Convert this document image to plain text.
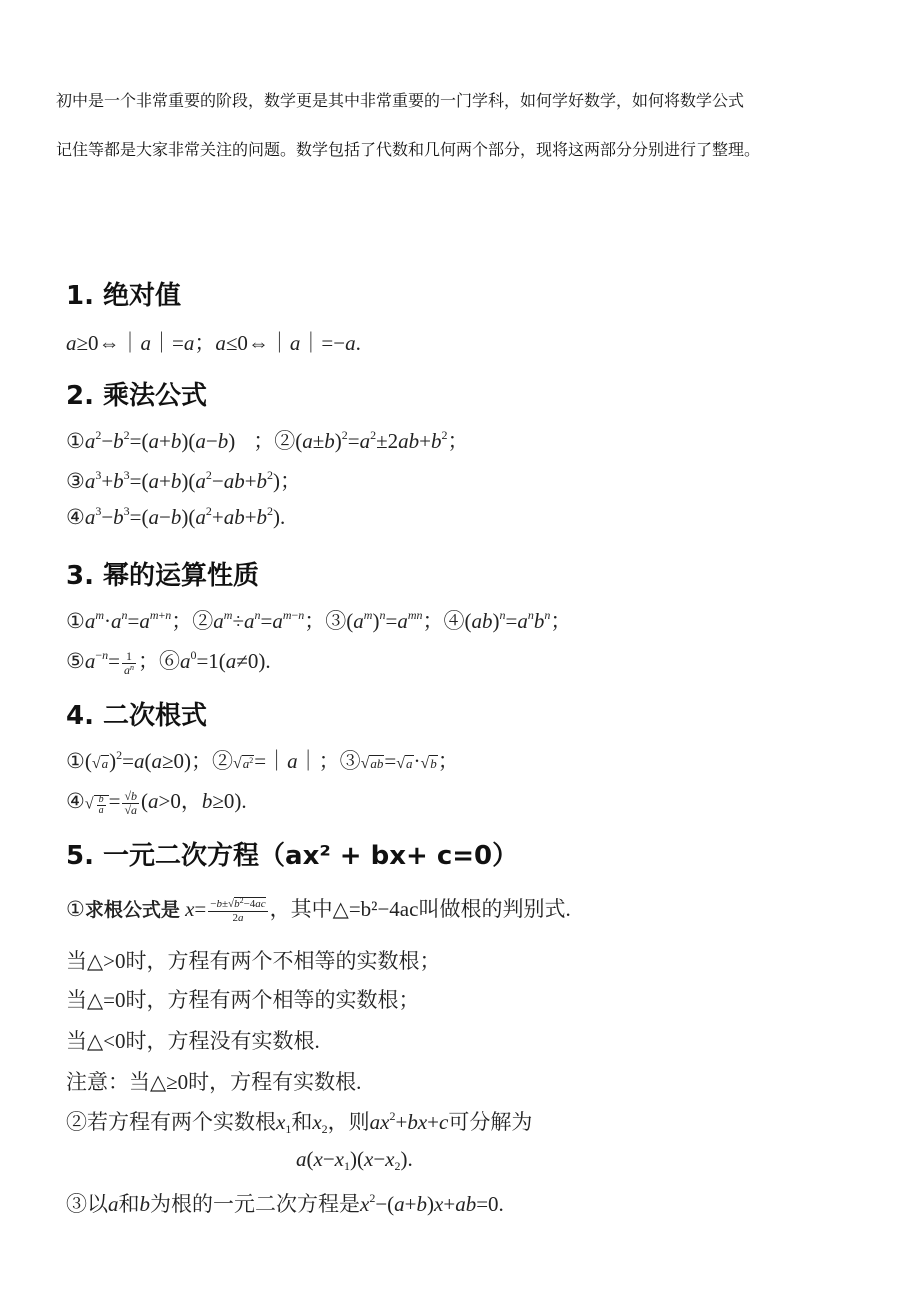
初中是一个非常重要的阶段，数学更是其中非常重要的一门学科，如何学好数学，如何将数学公式
记住等都是大家非常关注的问题。数学包括了代数和几何两个部分，现将这两部分分别进行了整理。
1. 绝对值
a≥0⇔｜a｜=a；a≤0⇔｜a｜=−a.
2. 乘法公式
$①a^2-b^2=(a+b)(a-b)$ ；$②(a\pm b)^2=a^2\pm 2ab+b^2$；
$③a^3+b^3=(a+b)(a^2-ab+b^2)$；
$④a^3-b^3=(a-b)(a^2+ab+b^2)$.
3. 幂的运算性质
$①a^m\cdot a^n=a^{m+n}$；$②a^m\div a^n=a^{m-n}$；$③(a^m)^n=a^{mn}$；$④(ab)^n=a^nb^n$；
$⑤a^{-n}= \frac{1}{a^n}$ ；$⑥a^0=1(a\ne 0)$.
4. 二次根式
$①(√a)^2=a(a\ge 0)$；$②√a^2=|a|$；③√ab=√a·√b；
④√ $\frac{b}{a} = \frac{√b}{√a} (a>0$，b≥0).
5. 一元二次方程（ax² + bx+ c=0）
①求根公式是 $x= \frac{-b\pm√b^2-4ac}{2a}$ ，其中△=b²−4ac叫做根的判别式.
当△>0时，方程有两个不相等的实数根；
当△=0时，方程有两个相等的实数根；
当△<0时，方程没有实数根.
注意：当△≥0时，方程有实数根.
②若方程有两个实数根$x_1$和$x_2$，则$ax^2+bx+c$可分解为
$a(x-x_1)(x-x_2)$.
③以a和b为根的一元二次方程是$x^2-(a+b)x+ab=0$.
